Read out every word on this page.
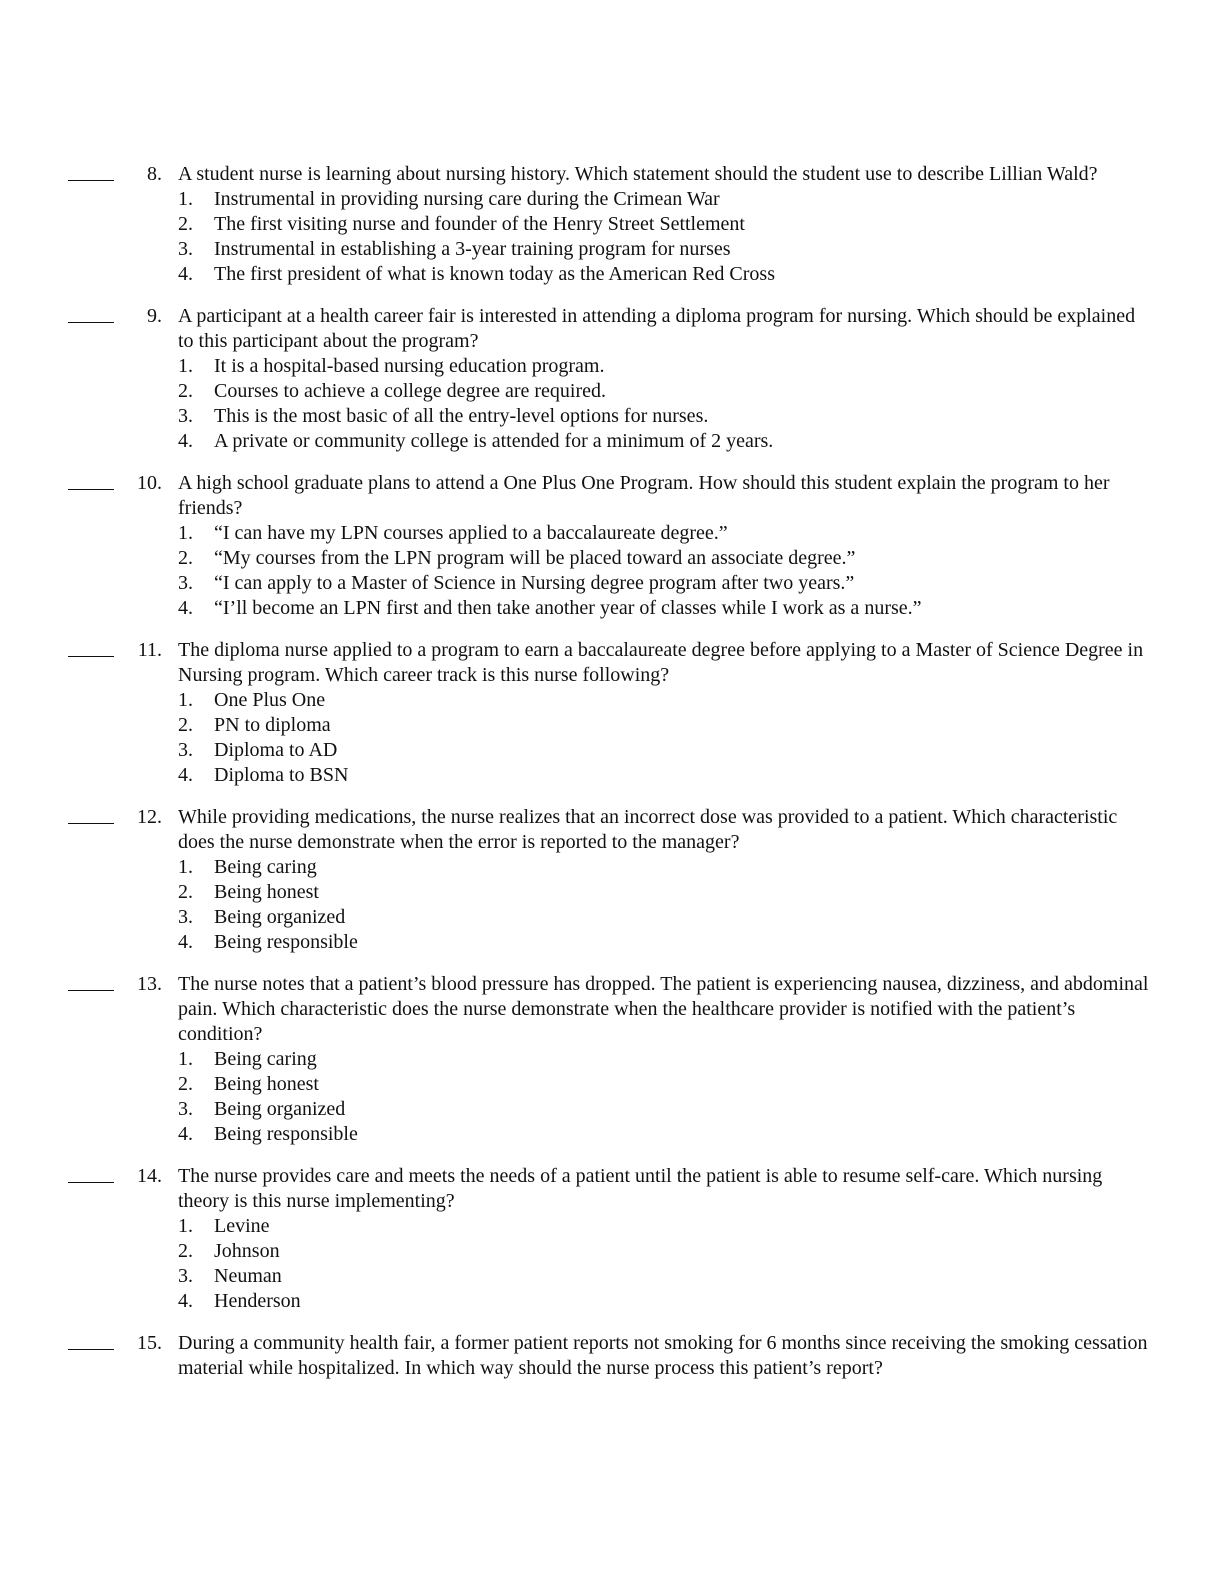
8. A student nurse is learning about nursing history. Which statement should the student use to describe Lillian Wald?
1. Instrumental in providing nursing care during the Crimean War
2. The first visiting nurse and founder of the Henry Street Settlement
3. Instrumental in establishing a 3-year training program for nurses
4. The first president of what is known today as the American Red Cross
9. A participant at a health career fair is interested in attending a diploma program for nursing. Which should be explained to this participant about the program?
1. It is a hospital-based nursing education program.
2. Courses to achieve a college degree are required.
3. This is the most basic of all the entry-level options for nurses.
4. A private or community college is attended for a minimum of 2 years.
10. A high school graduate plans to attend a One Plus One Program. How should this student explain the program to her friends?
1. “I can have my LPN courses applied to a baccalaureate degree.”
2. “My courses from the LPN program will be placed toward an associate degree.”
3. “I can apply to a Master of Science in Nursing degree program after two years.”
4. “I’ll become an LPN first and then take another year of classes while I work as a nurse.”
11. The diploma nurse applied to a program to earn a baccalaureate degree before applying to a Master of Science Degree in Nursing program. Which career track is this nurse following?
1. One Plus One
2. PN to diploma
3. Diploma to AD
4. Diploma to BSN
12. While providing medications, the nurse realizes that an incorrect dose was provided to a patient. Which characteristic does the nurse demonstrate when the error is reported to the manager?
1. Being caring
2. Being honest
3. Being organized
4. Being responsible
13. The nurse notes that a patient’s blood pressure has dropped. The patient is experiencing nausea, dizziness, and abdominal pain. Which characteristic does the nurse demonstrate when the healthcare provider is notified with the patient’s condition?
1. Being caring
2. Being honest
3. Being organized
4. Being responsible
14. The nurse provides care and meets the needs of a patient until the patient is able to resume self-care. Which nursing theory is this nurse implementing?
1. Levine
2. Johnson
3. Neuman
4. Henderson
15. During a community health fair, a former patient reports not smoking for 6 months since receiving the smoking cessation material while hospitalized. In which way should the nurse process this patient’s report?
